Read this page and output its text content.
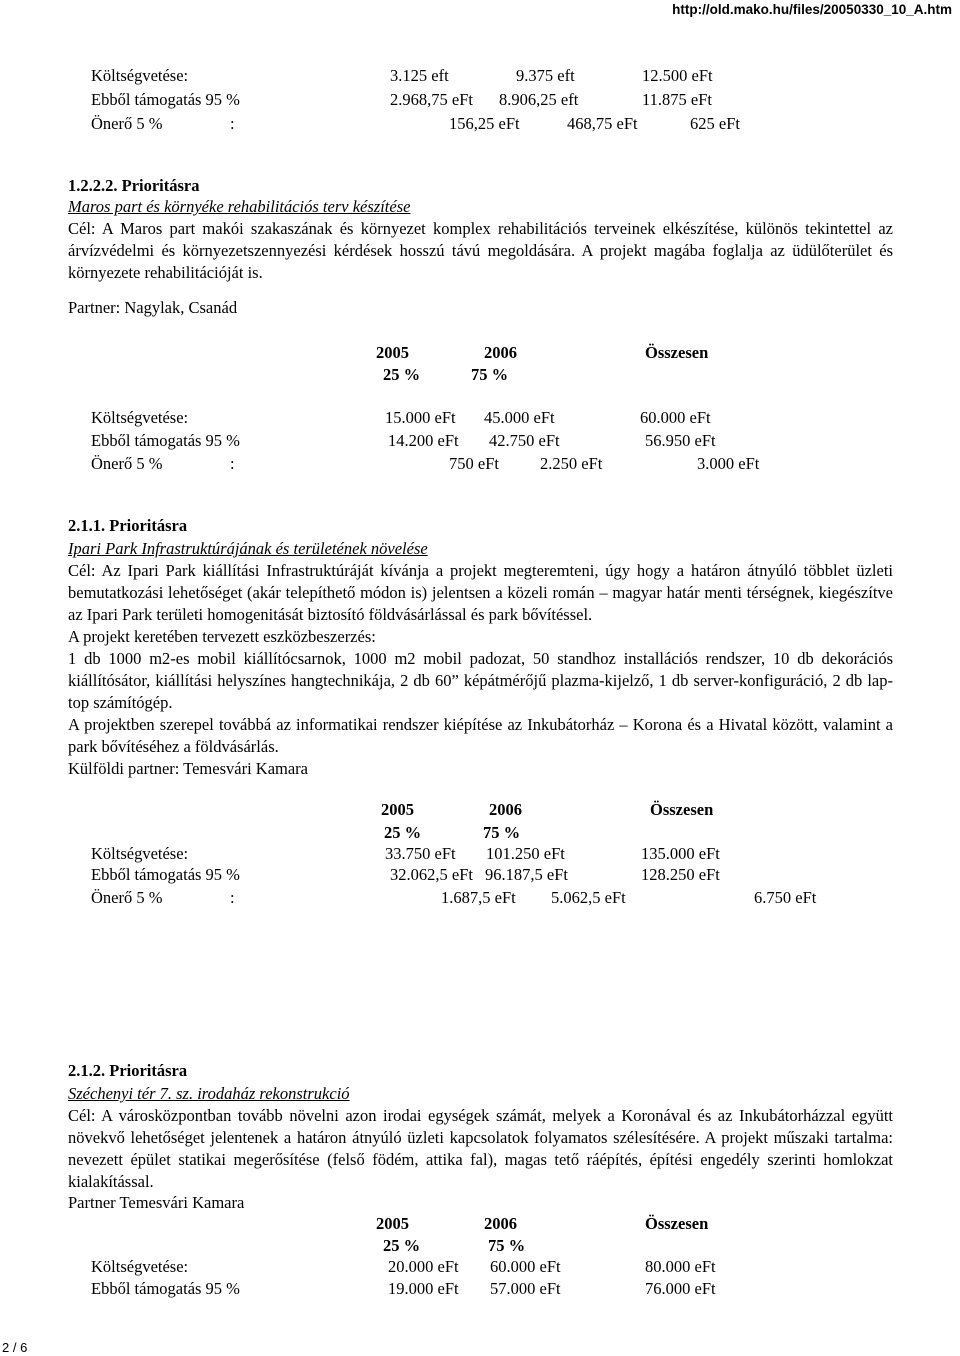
http://old.mako.hu/files/20050330_10_A.htm
Költségvetése:	3.125 eft	9.375 eft	12.500 eFt
Ebből támogatás 95 %	2.968,75 eFt 8.906,25 eft	11.875 eFt
Önerő 5 %	:	156,25 eFt	468,75 eFt	625 eFt
1.2.2.2. Prioritásra
Maros part és környéke rehabilitációs terv készítése
Cél: A Maros part makói szakaszának és környezet komplex rehabilitációs terveinek elkészítése, különös tekintettel az árvízvédelmi és környezetszennyezési kérdések hosszú távú megoldására. A projekt magába foglalja az üdülőterület és környezete rehabilitációját is.
Partner: Nagylak, Csanád
2005	2006	Összesen
25 %	75 %
Költségvetése:	15.000 eFt 45.000 eFt	60.000 eFt
Ebből támogatás 95 %	14.200 eFt 42.750 eFt	56.950 eFt
Önerő 5 %	:	750 eFt 2.250 eFt	3.000 eFt
2.1.1. Prioritásra
Ipari Park Infrastruktúrájának és területének növelése
Cél: Az Ipari Park kiállítási Infrastruktúráját kívánja a projekt megteremteni, úgy hogy a határon átnyúló többlet üzleti bemutatkozási lehetőséget (akár telepíthető módon is) jelentsen a közeli román – magyar határ menti térségnek, kiegészítve az Ipari Park területi homogenitását biztosító földvásárlással és park bővítéssel.
A projekt keretében tervezett eszközbeszerzés:
1 db 1000 m2-es mobil kiállítócsarnok, 1000 m2 mobil padozat, 50 standhoz installációs rendszer, 10 db dekorációs kiállítósátor, kiállítási helyszínes hangtechnikája, 2 db 60” képátmérőjű plazma-kijelző, 1 db server-konfiguráció, 2 db lap-top számítógép.
A projektben szerepel továbbá az informatikai rendszer kiépítése az Inkubátorház – Korona és a Hivatal között, valamint a park bővítéséhez a földvásárlás.
Külföldi partner: Temesvári Kamara
2005	2006	Összesen
25 %	75 %
Költségvetése:	33.750 eFt 101.250 eFt	135.000 eFt
Ebből támogatás 95 %	32.062,5 eFt 96.187,5 eFt	128.250 eFt
Önerő 5 %	:	1.687,5 eFt 5.062,5 eFt	6.750 eFt
2.1.2. Prioritásra
Széchenyi tér 7. sz. irodaház rekonstrukció
Cél: A városközpontban tovább növelni azon irodai egységek számát, melyek a Koronával és az Inkubátorházzal együtt növekvő lehetőséget jelentenek a határon átnyúló üzleti kapcsolatok folyamatos szélesítésére. A projekt műszaki tartalma: nevezett épület statikai megerősítése (felső födém, attika fal), magas tető ráépítés, építési engedély szerinti homlokzat kialakítással.
Partner Temesvári Kamara
2005	2006	Összesen
25 %	75 %
Költségvetése:	20.000 eFt 60.000 eFt	80.000 eFt
Ebből támogatás 95 %	19.000 eFt 57.000 eFt	76.000 eFt
2 / 6
